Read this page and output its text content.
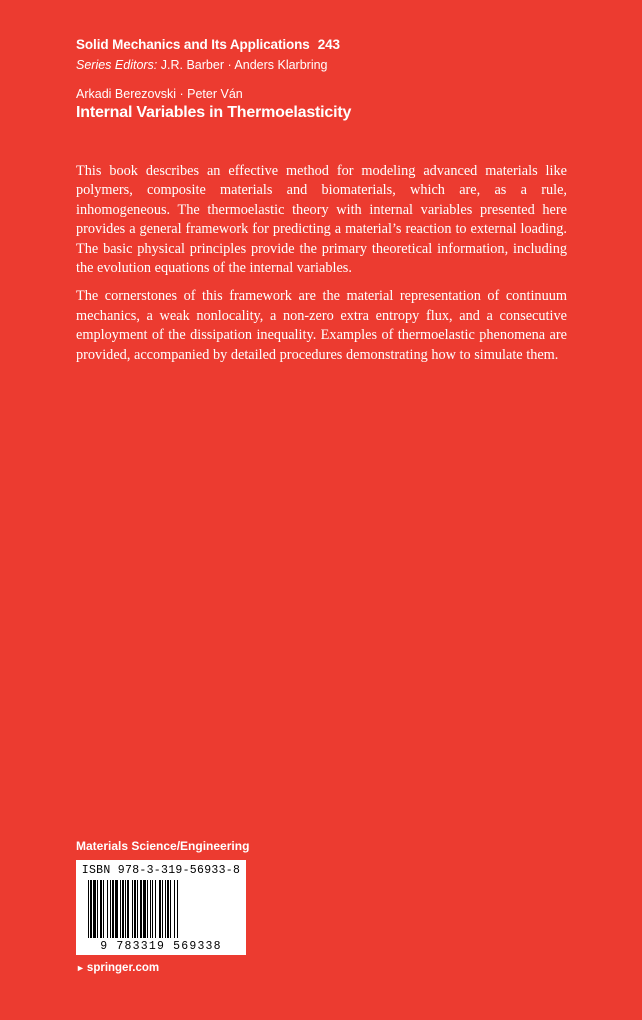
Solid Mechanics and Its Applications 243
Series Editors: J.R. Barber · Anders Klarbring
Arkadi Berezovski · Peter Ván
Internal Variables in Thermoelasticity

This book describes an effective method for modeling advanced materials like polymers, composite materials and biomaterials, which are, as a rule, inhomogeneous. The thermoelastic theory with internal variables presented here provides a general framework for predicting a material’s reaction to external loading. The basic physical principles provide the primary theoretical information, including the evolution equations of the internal variables.

The cornerstones of this framework are the material representation of continuum mechanics, a weak nonlocality, a non-zero extra entropy flux, and a consecutive employment of the dissipation inequality. Examples of thermoelastic phenomena are provided, accompanied by detailed procedures demonstrating how to simulate them.

Materials Science/Engineering
ISBN 978-3-319-56933-8
9 783319 569338
► springer.com
